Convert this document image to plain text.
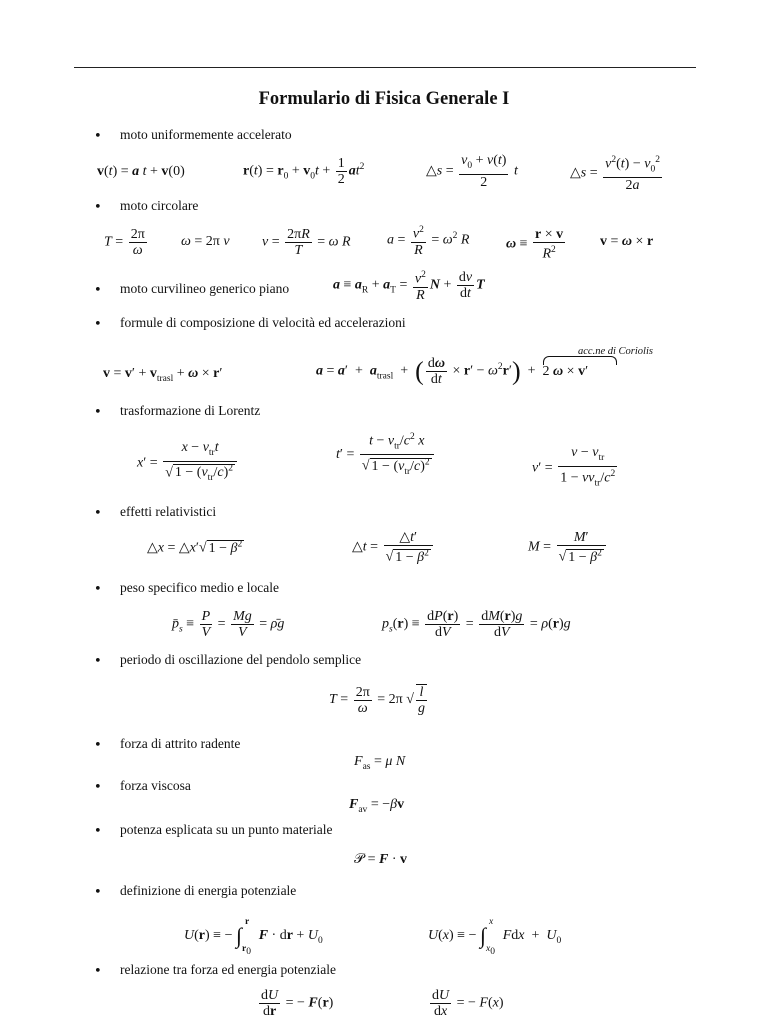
Formulario di Fisica Generale I
• moto uniformemente accelerato
v(t) = a t + v(0)	$r(t) = r_0 + v_0t + \frac{1}{2} at^2$	△s = $\frac{v_0 + v(t)}{2}$ t	△s = $\frac{v^2(t) - v_0^2}{2a}$
• moto circolare
$T = \frac{2\pi}{\omega}$ ω = 2π ν $v = \frac{2\pi R}{T} = \omega$ R	$a = \frac{v^2}{R} = \omega^2$ R	$\omega \equiv \frac{r \times v}{R^2}$ v = ω × r
• moto curvilineo generico piano	$a \equiv a_R + a_T = \frac{v^2}{R}$ $N + \frac{dv}{dt}$ T
• formule di composizione di velocità ed accelerazioni
acc.ne di Coriolis
$v = v' + v_{trasl} + \omega \times r'$	$a = a' + a_{trasl}$  +  ( $\frac{d\omega}{dt} \times r' - \omega^2r'$)  +
2 ω × v′
• trasformazione di Lorentz
$x' = \frac{x - v_{tr}t}{√ 1 - (v_{tr}/c)^2}$	$t' = \frac{t - v_{tr}/c^2 x}{√ 1 - (v_{tr}/c)^2}$	$v' = \frac{v - v_{tr}}{1 - vv_{tr}/c^2}$
• effetti relativistici
△x = △x′√ $1 - \beta^2$	△t = $\frac{\triangle t'}{√ 1 - \beta^2}$	$M = \frac{M'}{√ 1 - \beta^2}$
• peso specifico medio e locale
$p̄_s \equiv \frac{P}{V} = \frac{Mg}{V}$ = ρ̄g	$p_s(r) \equiv \frac{dP(r)}{dV} = \frac{dM(r)g}{dV} = \rho(r)g$
• periodo di oscillazione del pendolo semplice
$T = \frac{2\pi}{\omega} = 2\pi$ √ $\frac{l}{g}$
• forza di attrito radente
$F_{as} = \mu$ N
• forza viscosa
$F_{av} = -\beta v$
• potenza esplicata su un punto materiale
𝒫 = F · v
• definizione di energia potenziale
U(r) ≡ − $\int_{r_0}^r$ F · dr + $U_0$	U(x) ≡ − $\int_{x_0}^x$ Fdx  +  $U_0$
• relazione tra forza ed energia potenziale
$\frac{dU}{dr}$ = − F(r)	$\frac{dU}{dx}$ = − F(x)
